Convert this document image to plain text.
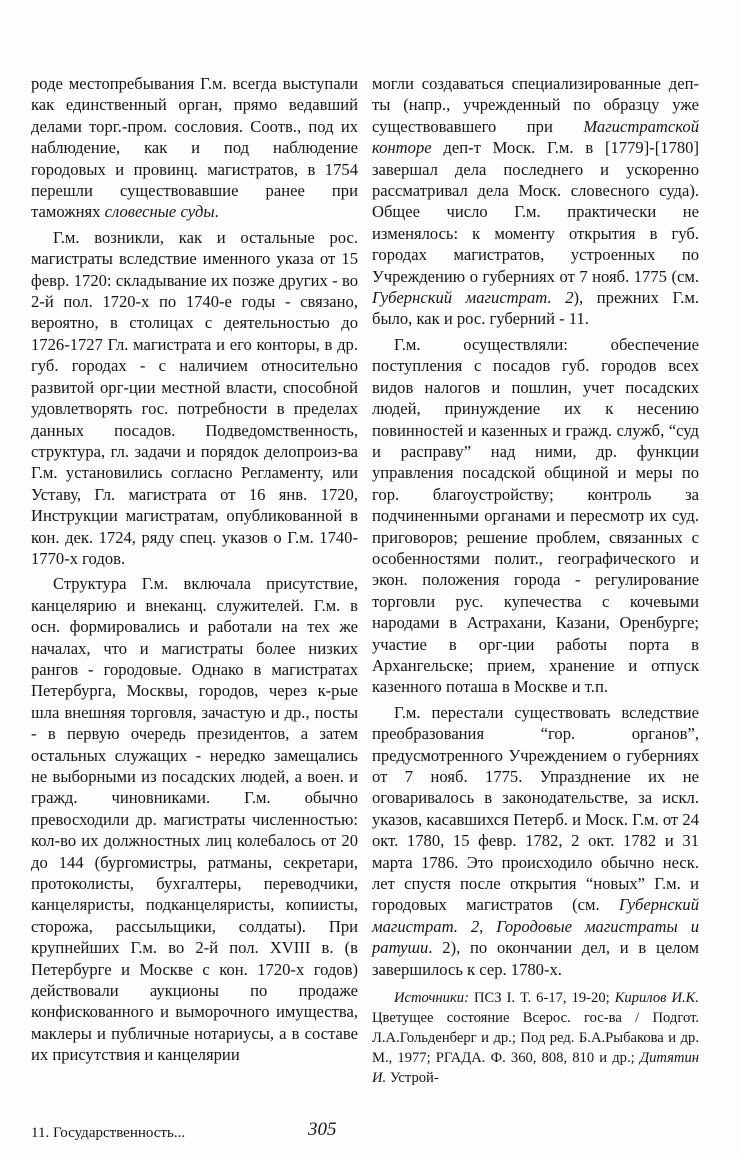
роде местопребывания Г.м. всегда выступали как единственный орган, прямо ведавший делами торг.-пром. сословия. Соотв., под их наблюдение, как и под наблюдение городовых и провинц. магистратов, в 1754 перешли существовавшие ранее при таможнях словесные суды.

Г.м. возникли, как и остальные рос. магистраты вследствие именного указа от 15 февр. 1720: складывание их позже других - во 2-й пол. 1720-х по 1740-е годы - связано, вероятно, в столицах с деятельностью до 1726-1727 Гл. магистрата и его конторы, в др. губ. городах - с наличием относительно развитой орг-ции местной власти, способной удовлетворять гос. потребности в пределах данных посадов. Подведомственность, структура, гл. задачи и порядок делопроиз-ва Г.м. установились согласно Регламенту, или Уставу, Гл. магистрата от 16 янв. 1720, Инструкции магистратам, опубликованной в кон. дек. 1724, ряду спец. указов о Г.м. 1740-1770-х годов.

Структура Г.м. включала присутствие, канцелярию и внеканц. служителей. Г.м. в осн. формировались и работали на тех же началах, что и магистраты более низких рангов - городовые. Однако в магистратах Петербурга, Москвы, городов, через к-рые шла внешняя торговля, зачастую и др., посты - в первую очередь президентов, а затем остальных служащих - нередко замещались не выборными из посадских людей, а воен. и гражд. чиновниками. Г.м. обычно превосходили др. магистраты численностью: кол-во их должностных лиц колебалось от 20 до 144 (бургомистры, ратманы, секретари, протоколисты, бухгалтеры, переводчики, канцеляристы, подканцеляристы, копиисты, сторожа, рассыльщики, солдаты). При крупнейших Г.м. во 2-й пол. XVIII в. (в Петербурге и Москве с кон. 1720-х годов) действовали аукционы по продаже конфискованного и выморочного имущества, маклеры и публичные нотариусы, а в составе их присутствия и канцелярии

могли создаваться специализированные деп-ты (напр., учрежденный по образцу уже существовавшего при Магистратской конторе деп-т Моск. Г.м. в [1779]-[1780] завершал дела последнего и ускоренно рассматривал дела Моск. словесного суда). Общее число Г.м. практически не изменялось: к моменту открытия в губ. городах магистратов, устроенных по Учреждению о губерниях от 7 нояб. 1775 (см. Губернский магистрат. 2), прежних Г.м. было, как и рос. губерний - 11.

Г.м. осуществляли: обеспечение поступления с посадов губ. городов всех видов налогов и пошлин, учет посадских людей, принуждение их к несению повинностей и казенных и гражд. служб, “суд и расправу” над ними, др. функции управления посадской общиной и меры по гор. благоустройству; контроль за подчиненными органами и пересмотр их суд. приговоров; решение проблем, связанных с особенностями полит., географического и экон. положения города - регулирование торговли рус. купечества с кочевыми народами в Астрахани, Казани, Оренбурге; участие в орг-ции работы порта в Архангельске; прием, хранение и отпуск казенного поташа в Москве и т.п.

Г.м. перестали существовать вследствие преобразования “гор. органов”, предусмотренного Учреждением о губерниях от 7 нояб. 1775. Упразднение их не оговаривалось в законодательстве, за искл. указов, касавшихся Петерб. и Моск. Г.м. от 24 окт. 1780, 15 февр. 1782, 2 окт. 1782 и 31 марта 1786. Это происходило обычно неск. лет спустя после открытия “новых” Г.м. и городовых магистратов (см. Губернский магистрат. 2, Городовые магистраты и ратуши. 2), по окончании дел, и в целом завершилось к сер. 1780-х.

Источники: ПСЗ I. Т. 6-17, 19-20; Кирилов И.К. Цветущее состояние Всерос. гос-ва / Подгот. Л.А.Гольденберг и др.; Под ред. Б.А.Рыбакова и др. М., 1977; РГАДА. Ф. 360, 808, 810 и др.; Дитятин И. Устрой-

11. Государственность...	305
